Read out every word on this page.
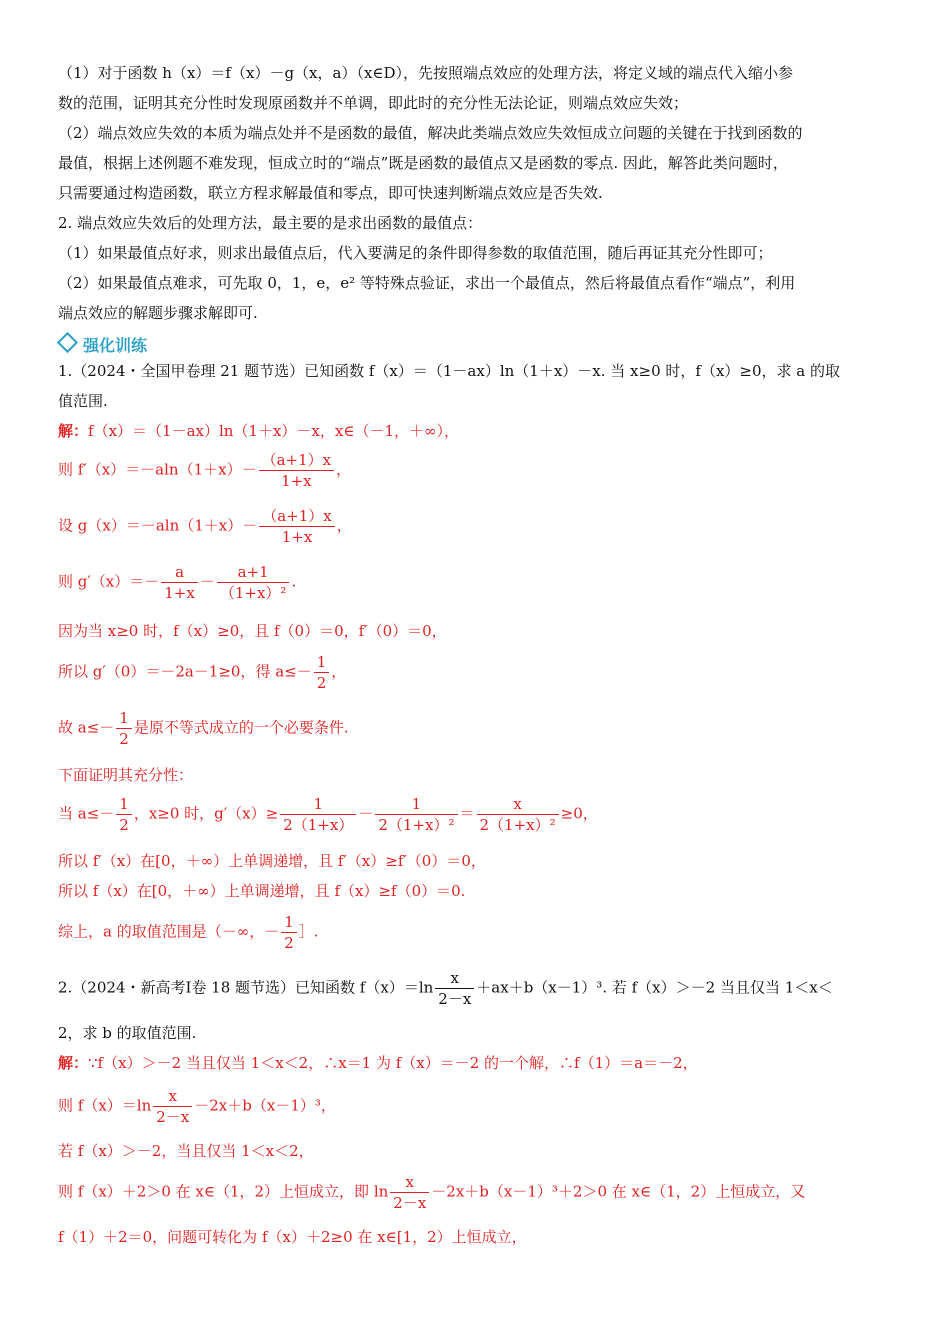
（1）对于函数 h（x）＝f（x）－g（x，a）（x∈D），先按照端点效应的处理方法，将定义域的端点代入缩小参
数的范围，证明其充分性时发现原函数并不单调，即此时的充分性无法论证，则端点效应失效；
（2）端点效应失效的本质为端点处并不是函数的最值，解决此类端点效应失效恒成立问题的关键在于找到函数的
最值，根据上述例题不难发现，恒成立时的“端点”既是函数的最值点又是函数的零点. 因此，解答此类问题时，
只需要通过构造函数，联立方程求解最值和零点，即可快速判断端点效应是否失效.
2. 端点效应失效后的处理方法，最主要的是求出函数的最值点：
（1）如果最值点好求，则求出最值点后，代入要满足的条件即得参数的取值范围，随后再证其充分性即可；
（2）如果最值点难求，可先取 0，1，e，e² 等特殊点验证，求出一个最值点，然后将最值点看作“端点”，利用
端点效应的解题步骤求解即可.
强化训练
1.（2024・全国甲卷理 21 题节选）已知函数 f（x）＝（1－ax）ln（1＋x）－x. 当 x≥0 时，f（x）≥0，求 a 的取
值范围.
解：f（x）＝（1－ax）ln（1＋x）－x，x∈（－1，＋∞），
则 $f'(x)=-aln(1+x)- \frac{(a+1)x}{1+x}$ ，
设 $g(x)=-aln(1+x)- \frac{(a+1)x}{1+x}$ ，
则 $g'(x)=- \frac{a}{1+x} - \frac{a+1}{\text{（1+x）²}}$ .
因为当 x≥0 时，f（x）≥0，且 f（0）＝0，f′（0）＝0，
所以 g′（0）＝－2a－1≥0，得 $a\le- \frac{1}{2}$ ，
故 $a\le- \frac{1}{2}$ 是原不等式成立的一个必要条件.
下面证明其充分性：
当 $a\le- \frac{1}{2}$ ，x≥0 时，$g'(x)\ge \frac{1}{2(1+x)} - \frac{1}{\text{2（1+x）²}} = \frac{x}{\text{2（1+x）²}} \ge 0$，
所以 f′（x）在[0，＋∞）上单调递增，且 f′（x）≥f′（0）＝0，
所以 f（x）在[0，＋∞）上单调递增，且 f（x）≥f（0）＝0.
综上，a 的取值范围是（－∞，－ $\frac{1}{2}$ ］.
2.（2024・新高考Ⅰ卷 18 题节选）已知函数 $f(x)=\ln \frac{x}{2-x} +ax+b(x-1)^3$. 若 f（x）＞－2 当且仅当 1＜x＜
2，求 b 的取值范围.
解：∵f（x）＞－2 当且仅当 1＜x＜2，∴x＝1 为 f（x）＝－2 的一个解，∴f（1）＝a＝－2，
则 $f(x)=\ln \frac{x}{2-x} -2x+b(x-1)^3$，
若 f（x）＞－2，当且仅当 1＜x＜2，
则 f（x）＋2＞0 在 x∈（1，2）上恒成立，即 $\ln \frac{x}{2-x} -2x+b(x-1)^3+2>0$ 在 x∈（1，2）上恒成立，又
f（1）＋2＝0，问题可转化为 f（x）＋2≥0 在 x∈[1，2）上恒成立，
